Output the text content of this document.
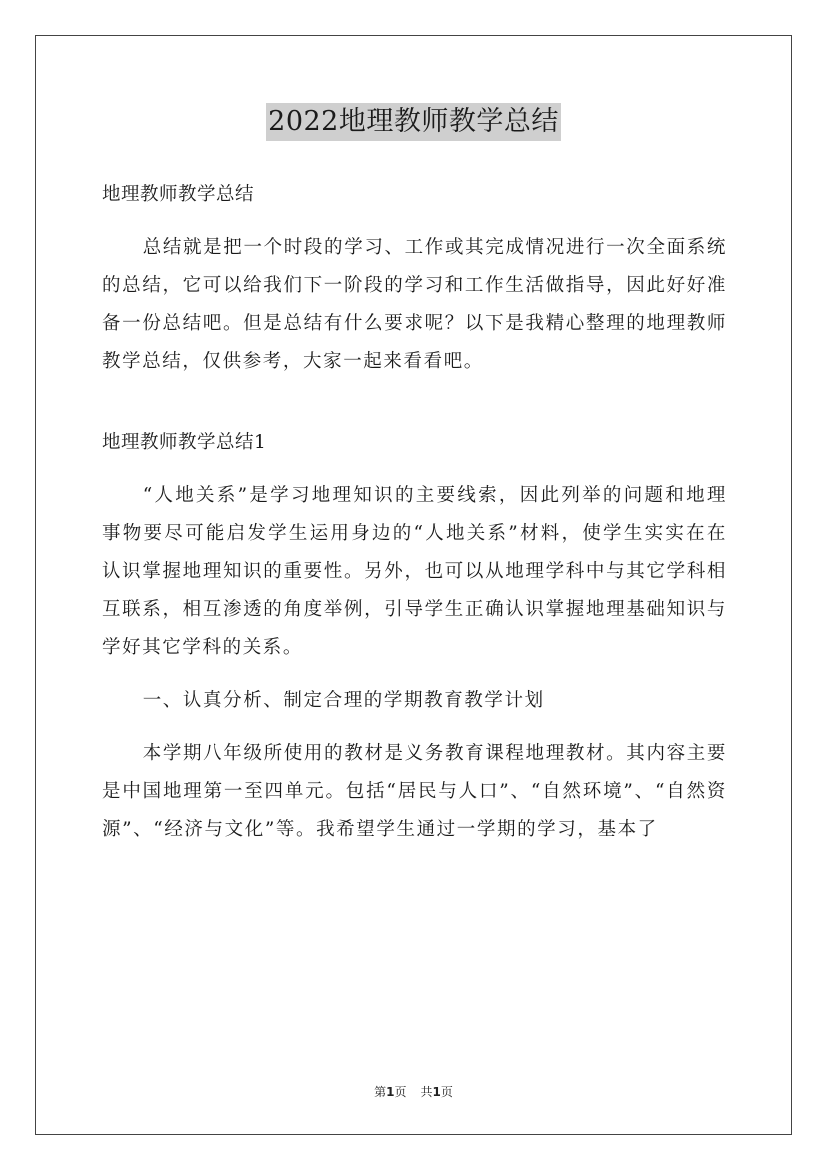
2022地理教师教学总结

地理教师教学总结

总结就是把一个时段的学习、工作或其完成情况进行一次全面系统的总结，它可以给我们下一阶段的学习和工作生活做指导，因此好好准备一份总结吧。但是总结有什么要求呢？以下是我精心整理的地理教师教学总结，仅供参考，大家一起来看看吧。

地理教师教学总结1

“人地关系”是学习地理知识的主要线索，因此列举的问题和地理事物要尽可能启发学生运用身边的“人地关系”材料，使学生实实在在认识掌握地理知识的重要性。另外，也可以从地理学科中与其它学科相互联系，相互渗透的角度举例，引导学生正确认识掌握地理基础知识与学好其它学科的关系。

一、认真分析、制定合理的学期教育教学计划

本学期八年级所使用的教材是义务教育课程地理教材。其内容主要是中国地理第一至四单元。包括“居民与人口”、“自然环境”、“自然资源”、“经济与文化”等。我希望学生通过一学期的学习，基本了

第1页 共1页
